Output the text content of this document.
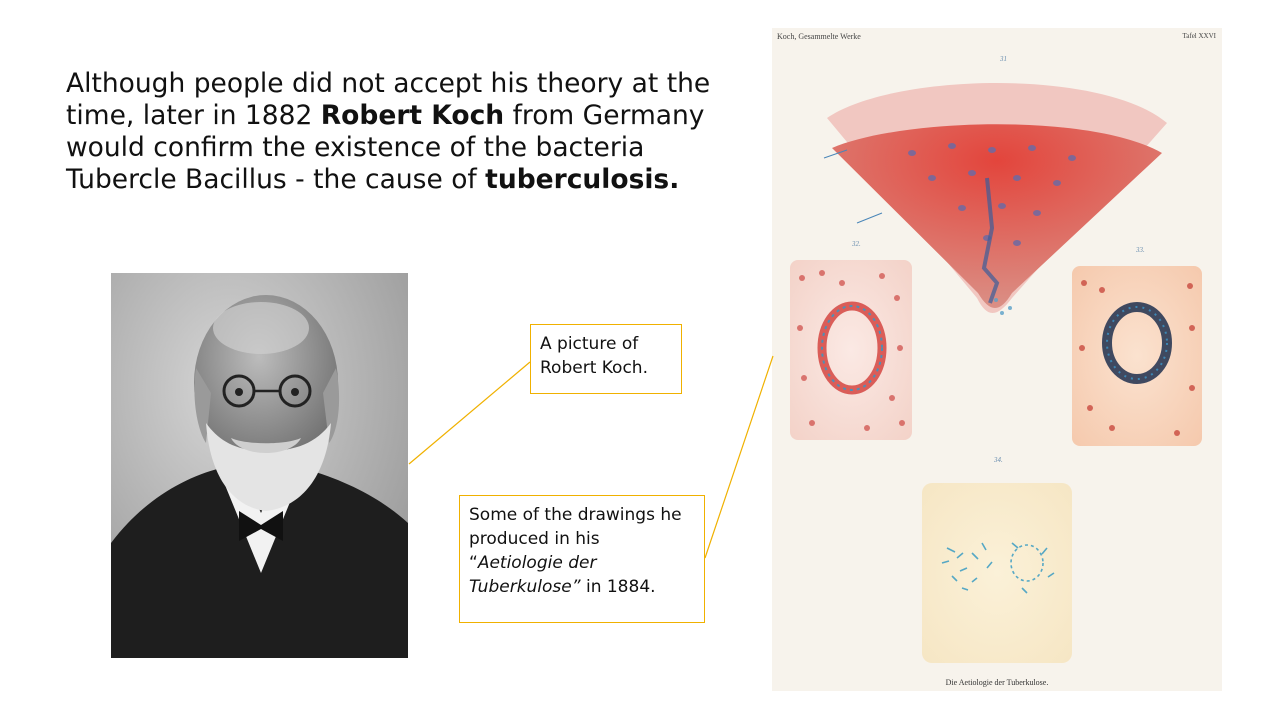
Although people did not accept his theory at the time, later in 1882 Robert Koch from Germany would confirm the existence of the bacteria Tubercle Bacillus - the cause of tuberculosis.
Koch, Gesammelte Werke	Tafel XXVI
31
32.
33.
34.
Die Aetiologie der Tuberkulose.
A picture of Robert Koch.
Some of the drawings he produced in his “Aetiologie der Tuberkulose” in 1884.
